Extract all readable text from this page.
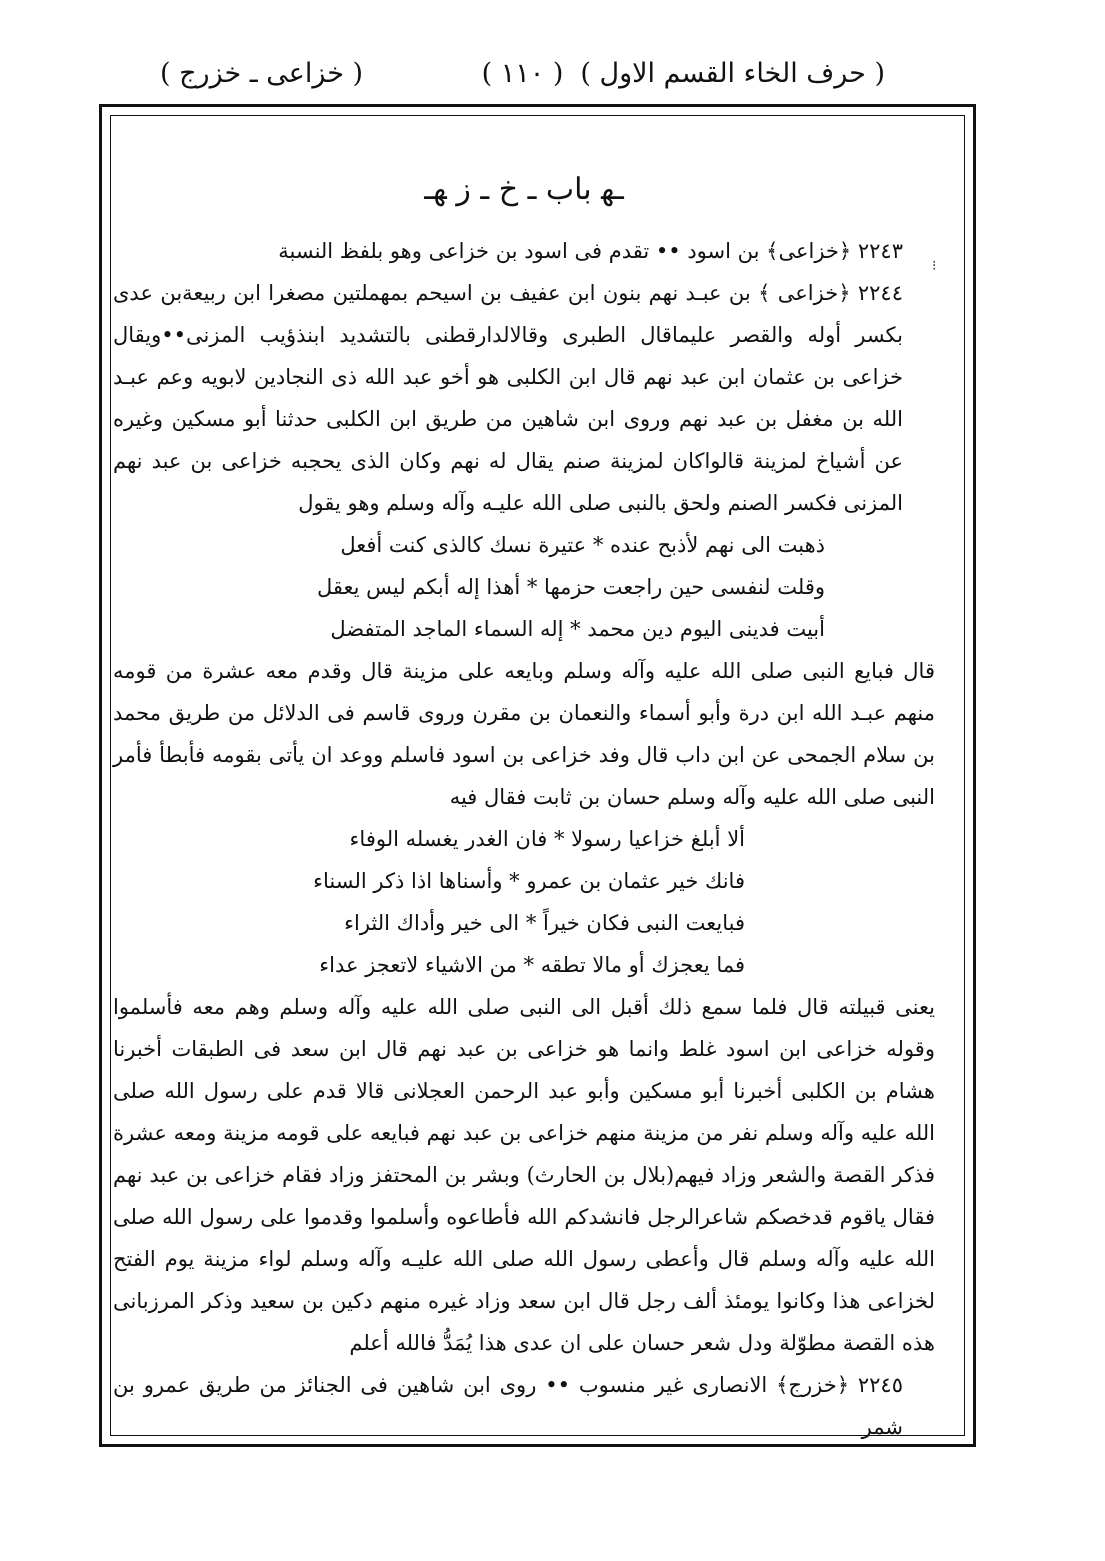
( حرف الخاء القسم الاول )
( ١١٠ )
( خزاعی ـ خزرج )
⁝
ـه‍ باب ـ خ ـ ز ‍ه‍ـ

٢٢٤٣ ﴿خزاعی﴾ بن اسود •• تقدم فی اسود بن خزاعی وهو بلفظ النسبة

٢٢٤٤ ﴿خزاعی ﴾ بن عبـد نهم بنون ابن عفيف بن اسيحم بمهملتين مصغرا ابن ربيعةبن عدی بكسر أوله والقصر علیماقال الطبری وقالالدارقطنی بالتشديد ابنذؤيب المزنی••ويقال خزاعی بن عثمان ابن عبد نهم قال ابن الكلبی هو أخو عبد الله ذی النجادين لابويه وعم عبـد الله بن مغفل بن عبد نهم وروی ابن شاهين من طريق ابن الكلبی حدثنا أبو مسكين وغيره عن أشياخ لمزينة قالواكان لمزينة صنم يقال له نهم وكان الذی يحجبه خزاعی بن عبد نهم المزنی فكسر الصنم ولحق بالنبی صلی الله عليـه وآله وسلم وهو يقول

ذهبت الی نهم لأذبح عنده * عتيرة نسك كالذی كنت أفعل
وقلت لنفسی حين راجعت حزمها * أهذا إله أبكم ليس يعقل
أبيت فدينی اليوم دين محمد * إله السماء الماجد المتفضل

قال فبايع النبی صلی الله عليه وآله وسلم وبايعه علی مزينة قال وقدم معه عشرة من قومه منهم عبـد الله ابن درة وأبو أسماء والنعمان بن مقرن وروی قاسم فی الدلائل من طريق محمد بن سلام الجمحی عن ابن داب قال وفد خزاعی بن اسود فاسلم ووعد ان يأتی بقومه فأبطأ فأمر النبی صلی الله عليه وآله وسلم حسان بن ثابت فقال فيه

ألا أبلغ خزاعيا رسولا * فان الغدر يغسله الوفاء
فانك خير عثمان بن عمرو * وأسناها اذا ذكر السناء
فبايعت النبی فكان خيراً * الی خير وأداك الثراء
فما يعجزك أو مالا تطقه * من الاشياء لاتعجز عداء

يعنی قبيلته قال فلما سمع ذلك أقبل الی النبی صلی الله عليه وآله وسلم وهم معه فأسلموا وقوله خزاعی ابن اسود غلط وانما هو خزاعی بن عبد نهم قال ابن سعد فی الطبقات أخبرنا هشام بن الكلبی أخبرنا أبو مسكين وأبو عبد الرحمن العجلانی قالا قدم علی رسول الله صلی الله عليه وآله وسلم نفر من مزينة منهم خزاعی بن عبد نهم فبايعه علی قومه مزينة ومعه عشرة فذكر القصة والشعر وزاد فيهم(بلال بن الحارث) وبشر بن المحتفز وزاد فقام خزاعی بن عبد نهم فقال ياقوم قدخصكم شاعرالرجل فانشدكم الله فأطاعوه وأسلموا وقدموا علی رسول الله صلی الله عليه وآله وسلم قال وأعطی رسول الله صلی الله عليـه وآله وسلم لواء مزينة يوم الفتح لخزاعی هذا وكانوا يومئذ ألف رجل قال ابن سعد وزاد غيره منهم دكين بن سعيد وذكر المرزبانی هذه القصة مطوّلة ودل شعر حسان علی ان عدی هذا يُمَدُّ فالله أعلم

٢٢٤٥ ﴿خزرج﴾ الانصاری غير منسوب •• روی ابن شاهين فی الجنائز من طريق عمرو بن شمر
